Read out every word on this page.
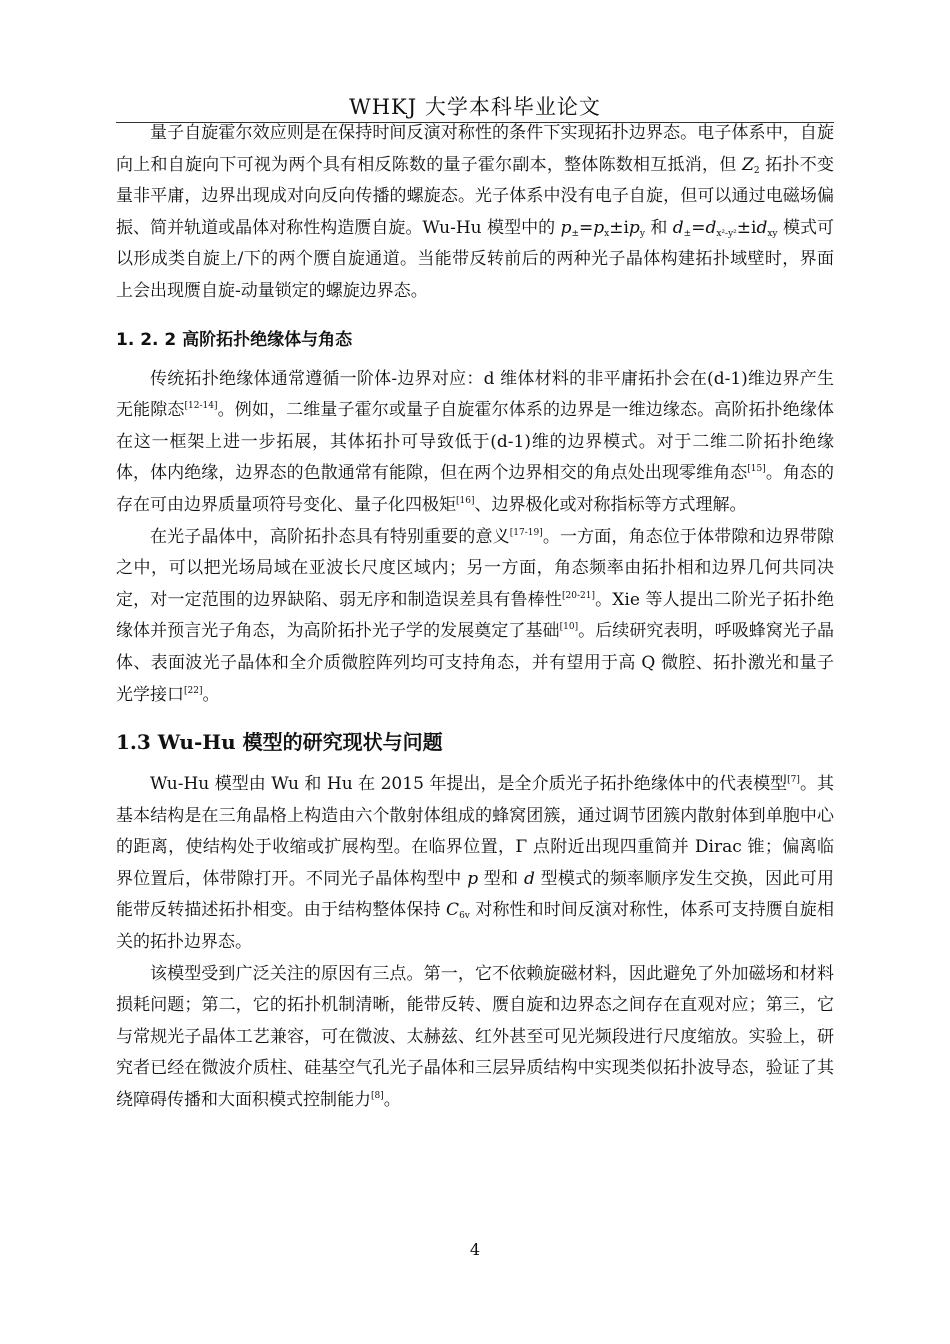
WHKJ 大学本科毕业论文

量子自旋霍尔效应则是在保持时间反演对称性的条件下实现拓扑边界态。电子体系中，自旋向上和自旋向下可视为两个具有相反陈数的量子霍尔副本，整体陈数相互抵消，但 $Z_2$ 拓扑不变量非平庸，边界出现成对向反向传播的螺旋态。光子体系中没有电子自旋，但可以通过电磁场偏振、简并轨道或晶体对称性构造赝自旋。Wu-Hu 模型中的 $p_\pm=p_x\pm ip_y$ 和 $d_\pm=d_{x^2-y^2}\pm id_{xy}$ 模式可以形成类自旋上/下的两个赝自旋通道。当能带反转前后的两种光子晶体构建拓扑域壁时，界面上会出现赝自旋-动量锁定的螺旋边界态。

1. 2. 2 高阶拓扑绝缘体与角态

传统拓扑绝缘体通常遵循一阶体-边界对应：d 维体材料的非平庸拓扑会在(d-1)维边界产生无能隙态[12-14]。例如，二维量子霍尔或量子自旋霍尔体系的边界是一维边缘态。高阶拓扑绝缘体在这一框架上进一步拓展，其体拓扑可导致低于(d-1)维的边界模式。对于二维二阶拓扑绝缘体，体内绝缘，边界态的色散通常有能隙，但在两个边界相交的角点处出现零维角态[15]。角态的存在可由边界质量项符号变化、量子化四极矩[16]、边界极化或对称指标等方式理解。

在光子晶体中，高阶拓扑态具有特别重要的意义[17-19]。一方面，角态位于体带隙和边界带隙之中，可以把光场局域在亚波长尺度区域内；另一方面，角态频率由拓扑相和边界几何共同决定，对一定范围的边界缺陷、弱无序和制造误差具有鲁棒性[20-21]。Xie 等人提出二阶光子拓扑绝缘体并预言光子角态，为高阶拓扑光子学的发展奠定了基础[10]。后续研究表明，呼吸蜂窝光子晶体、表面波光子晶体和全介质微腔阵列均可支持角态，并有望用于高 Q 微腔、拓扑激光和量子光学接口[22]。

1.3 Wu-Hu 模型的研究现状与问题

Wu-Hu 模型由 Wu 和 Hu 在 2015 年提出，是全介质光子拓扑绝缘体中的代表模型[7]。其基本结构是在三角晶格上构造由六个散射体组成的蜂窝团簇，通过调节团簇内散射体到单胞中心的距离，使结构处于收缩或扩展构型。在临界位置，Γ 点附近出现四重简并 Dirac 锥；偏离临界位置后，体带隙打开。不同光子晶体构型中 p 型和 d 型模式的频率顺序发生交换，因此可用能带反转描述拓扑相变。由于结构整体保持 $C_{6v}$ 对称性和时间反演对称性，体系可支持赝自旋相关的拓扑边界态。

该模型受到广泛关注的原因有三点。第一，它不依赖旋磁材料，因此避免了外加磁场和材料损耗问题；第二，它的拓扑机制清晰，能带反转、赝自旋和边界态之间存在直观对应；第三，它与常规光子晶体工艺兼容，可在微波、太赫兹、红外甚至可见光频段进行尺度缩放。实验上，研究者已经在微波介质柱、硅基空气孔光子晶体和三层异质结构中实现类似拓扑波导态，验证了其绕障碍传播和大面积模式控制能力[8]。

4
